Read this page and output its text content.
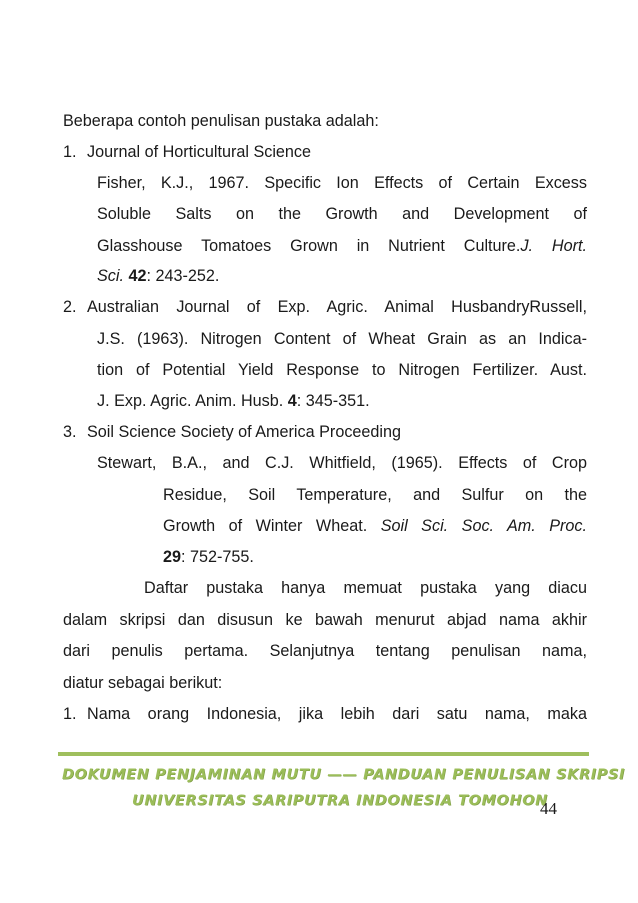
Beberapa contoh penulisan pustaka adalah:
1. Journal of Horticultural Science
Fisher, K.J., 1967. Specific Ion Effects of Certain Excess
Soluble Salts on the Growth and Development of
Glasshouse Tomatoes Grown in Nutrient Culture.J. Hort.
Sci. 42: 243-252.
2. Australian Journal of Exp. Agric. Animal HusbandryRussell,
J.S. (1963). Nitrogen Content of Wheat Grain as an Indica-
tion of Potential Yield Response to Nitrogen Fertilizer. Aust.
J. Exp. Agric. Anim. Husb. 4: 345-351.
3. Soil Science Society of America Proceeding
Stewart, B.A., and C.J. Whitfield, (1965). Effects of Crop
Residue, Soil Temperature, and Sulfur on the
Growth of Winter Wheat. Soil Sci. Soc. Am. Proc.
29: 752-755.
Daftar pustaka hanya memuat pustaka yang diacu
dalam skripsi dan disusun ke bawah menurut abjad nama akhir
dari penulis pertama. Selanjutnya tentang penulisan nama,
diatur sebagai berikut:
1. Nama orang Indonesia, jika lebih dari satu nama, maka
DOKUMEN PENJAMINAN MUTU —— PANDUAN PENULISAN SKRIPSI
UNIVERSITAS SARIPUTRA INDONESIA TOMOHON
44
